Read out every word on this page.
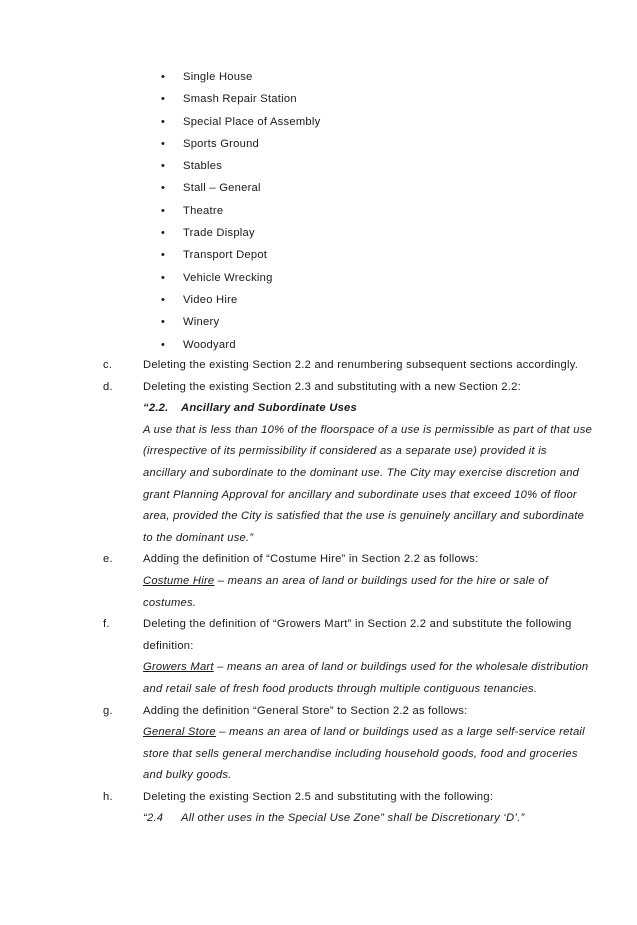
• Single House
• Smash Repair Station
• Special Place of Assembly
• Sports Ground
• Stables
• Stall – General
• Theatre
• Trade Display
• Transport Depot
• Vehicle Wrecking
• Video Hire
• Winery
• Woodyard
c.	Deleting the existing Section 2.2 and renumbering subsequent sections accordingly.

d.	Deleting the existing Section 2.3 and substituting with a new Section 2.2:

“2.2. Ancillary and Subordinate Uses

A use that is less than 10% of the floorspace of a use is permissible as part of that use (irrespective of its permissibility if considered as a separate use) provided it is ancillary and subordinate to the dominant use. The City may exercise discretion and grant Planning Approval for ancillary and subordinate uses that exceed 10% of floor area, provided the City is satisfied that the use is genuinely ancillary and subordinate to the dominant use.”

e.	Adding the definition of “Costume Hire” in Section 2.2 as follows:

Costume Hire – means an area of land or buildings used for the hire or sale of costumes.

f.	Deleting the definition of “Growers Mart” in Section 2.2 and substitute the following definition:

Growers Mart – means an area of land or buildings used for the wholesale distribution and retail sale of fresh food products through multiple contiguous tenancies.

g.	Adding the definition “General Store” to Section 2.2 as follows:

General Store – means an area of land or buildings used as a large self-service retail store that sells general merchandise including household goods, food and groceries and bulky goods.

h.	Deleting the existing Section 2.5 and substituting with the following:

“2.4 All other uses in the Special Use Zone” shall be Discretionary ‘D’.”
